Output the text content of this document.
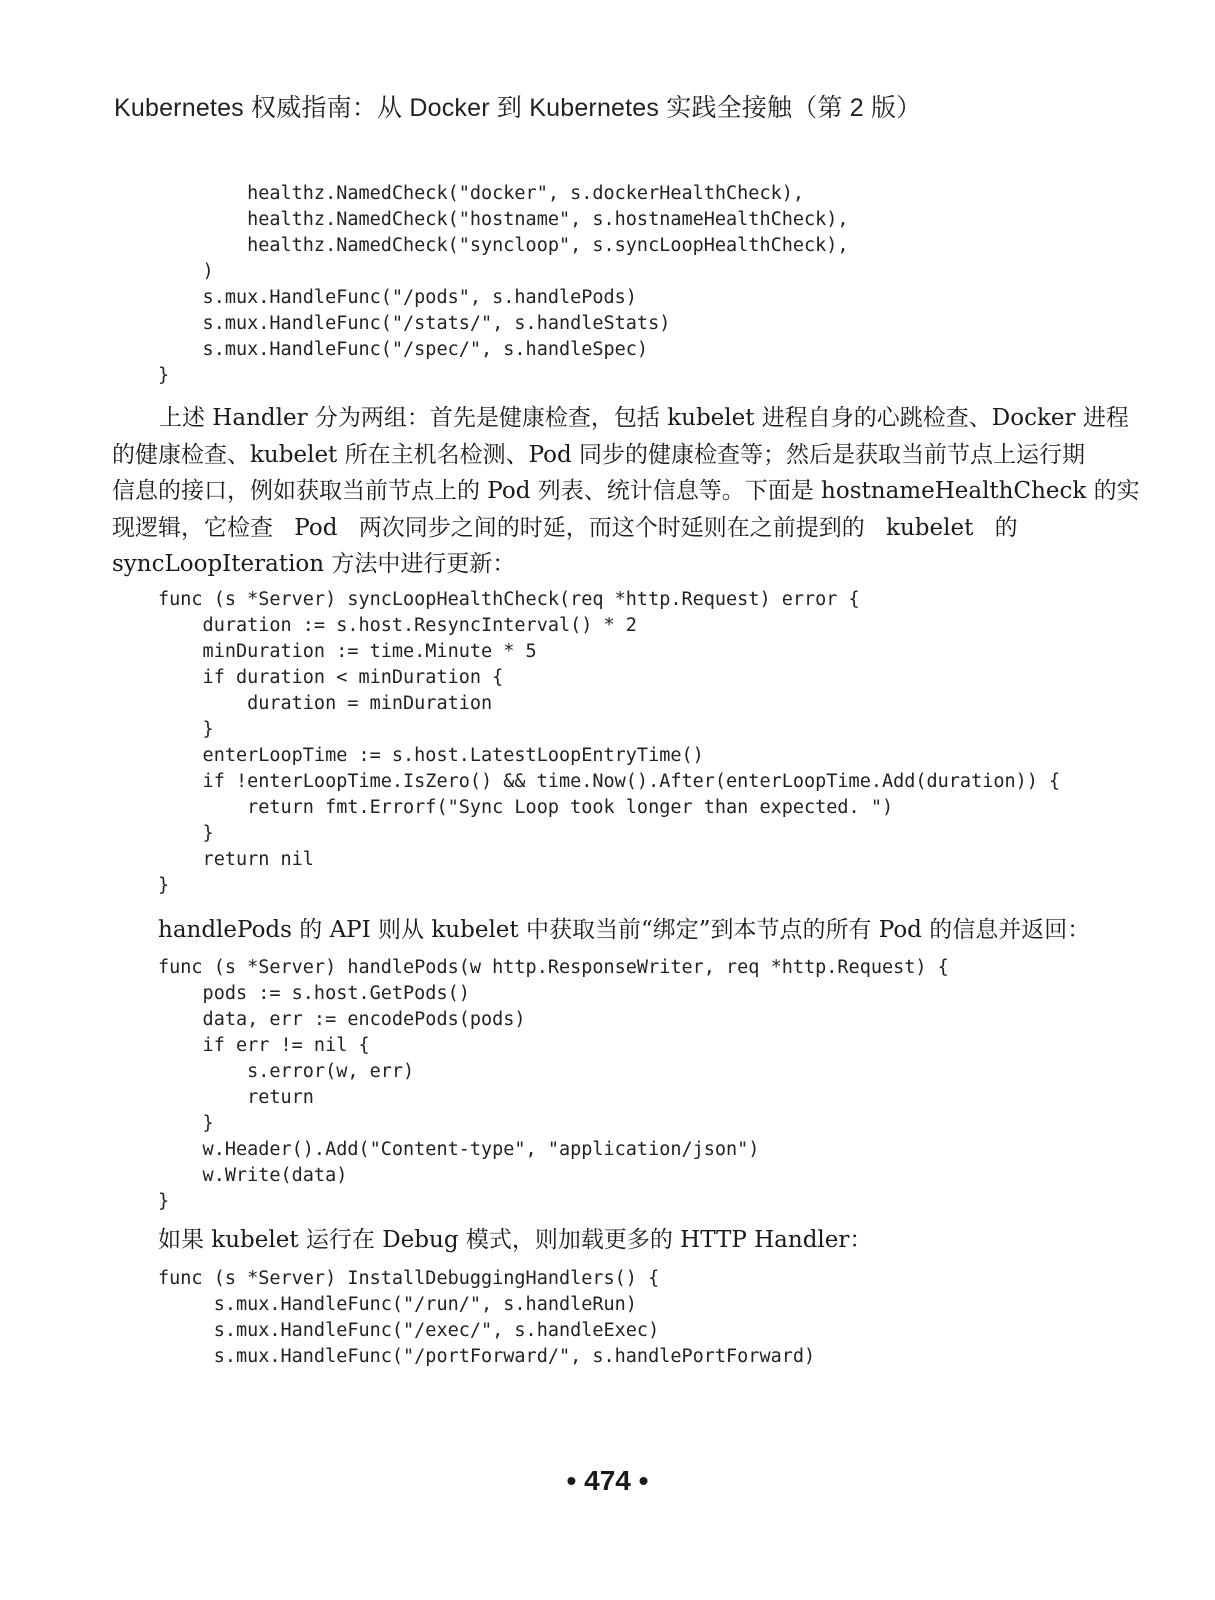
Kubernetes 权威指南：从 Docker 到 Kubernetes 实践全接触（第 2 版）
healthz.NamedCheck("docker", s.dockerHealthCheck),
healthz.NamedCheck("hostname", s.hostnameHealthCheck),
healthz.NamedCheck("syncloop", s.syncLoopHealthCheck),
)
s.mux.HandleFunc("/pods", s.handlePods)
s.mux.HandleFunc("/stats/", s.handleStats)
s.mux.HandleFunc("/spec/", s.handleSpec)
}
上述 Handler 分为两组：首先是健康检查，包括 kubelet 进程自身的心跳检查、Docker 进程
的健康检查、kubelet 所在主机名检测、Pod 同步的健康检查等；然后是获取当前节点上运行期
信息的接口，例如获取当前节点上的 Pod 列表、统计信息等。下面是 hostnameHealthCheck 的实
现逻辑，它检查 Pod 两次同步之间的时延，而这个时延则在之前提到的 kubelet 的
syncLoopIteration 方法中进行更新：
func (s *Server) syncLoopHealthCheck(req *http.Request) error {
duration := s.host.ResyncInterval() * 2
minDuration := time.Minute * 5
if duration < minDuration {
duration = minDuration
}
enterLoopTime := s.host.LatestLoopEntryTime()
if !enterLoopTime.IsZero() && time.Now().After(enterLoopTime.Add(duration)) {
return fmt.Errorf("Sync Loop took longer than expected. ")
}
return nil
}
handlePods 的 API 则从 kubelet 中获取当前“绑定”到本节点的所有 Pod 的信息并返回：
func (s *Server) handlePods(w http.ResponseWriter, req *http.Request) {
pods := s.host.GetPods()
data, err := encodePods(pods)
if err != nil {
s.error(w, err)
return
}
w.Header().Add("Content-type", "application/json")
w.Write(data)
}
如果 kubelet 运行在 Debug 模式，则加载更多的 HTTP Handler：
func (s *Server) InstallDebuggingHandlers() {
s.mux.HandleFunc("/run/", s.handleRun)
s.mux.HandleFunc("/exec/", s.handleExec)
s.mux.HandleFunc("/portForward/", s.handlePortForward)
• 474 •
